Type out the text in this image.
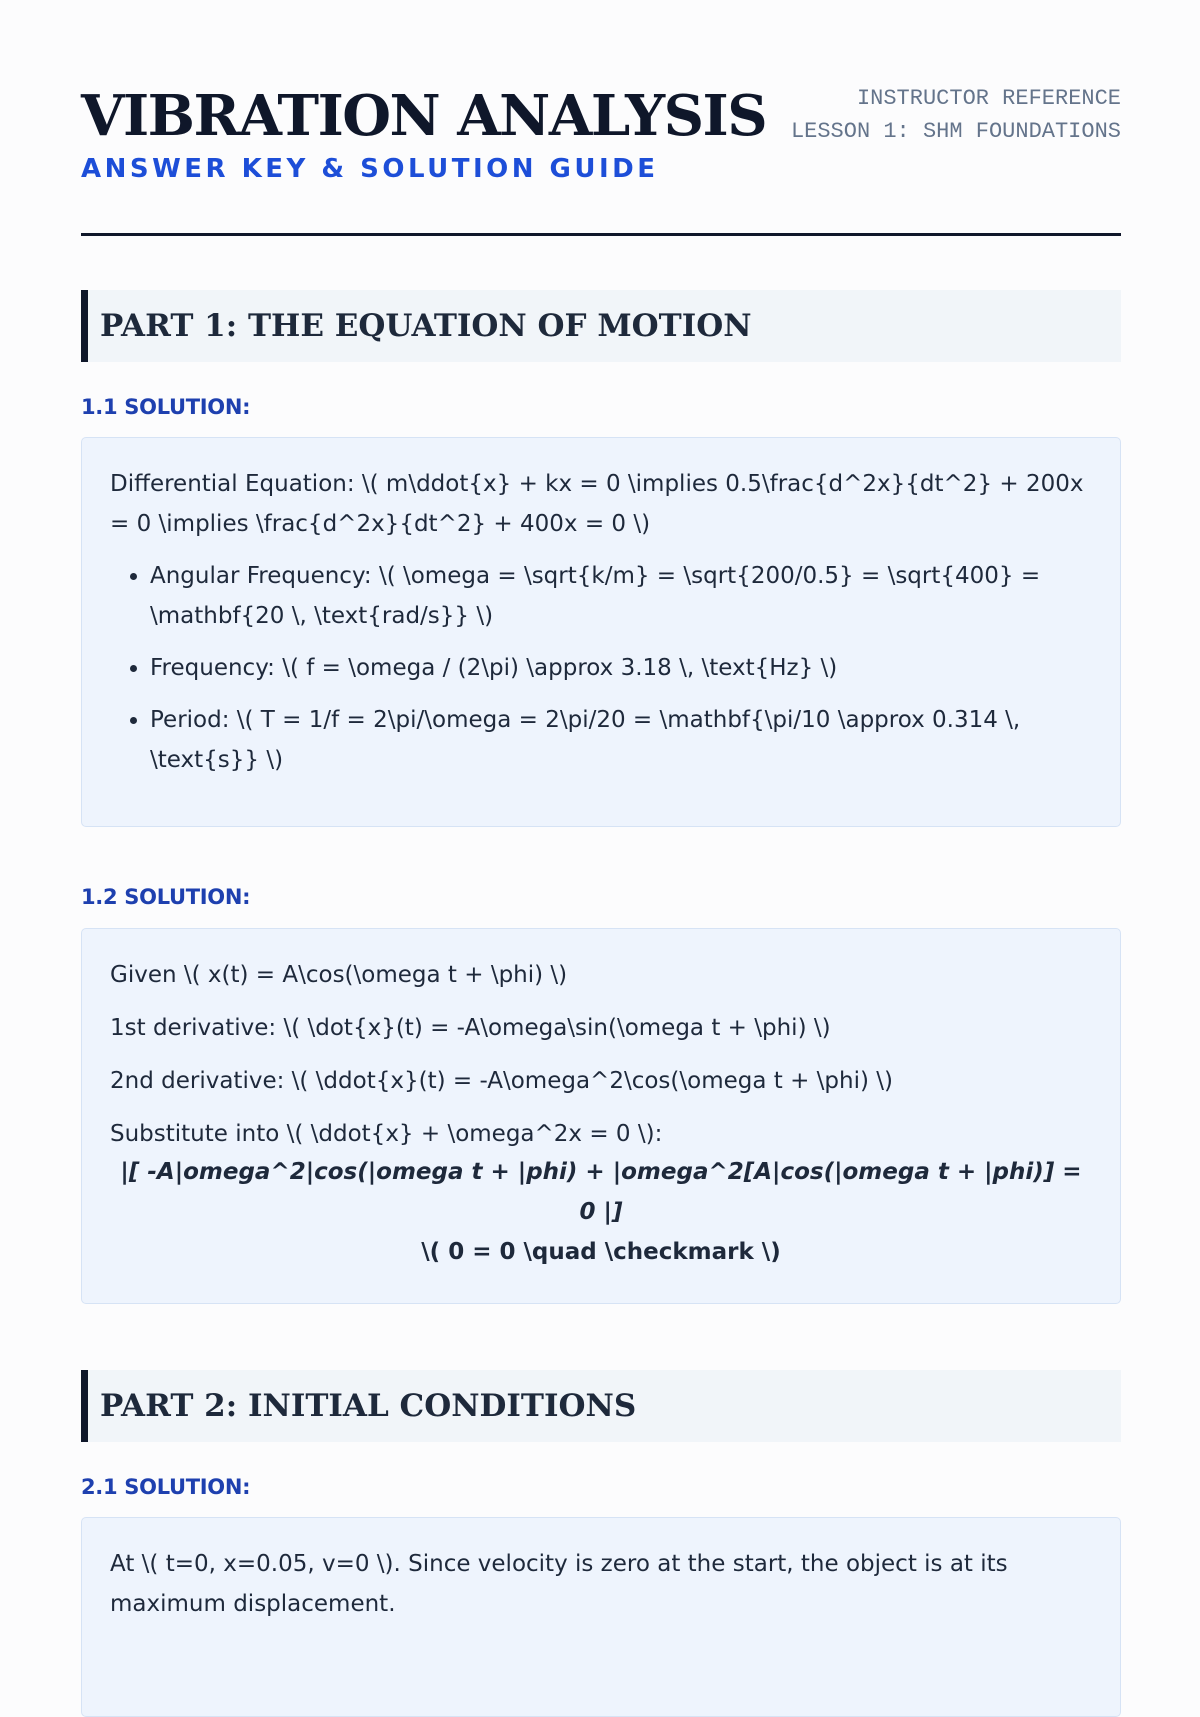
VIBRATION ANALYSIS
ANSWER KEY & SOLUTION GUIDE
INSTRUCTOR REFERENCE
LESSON 1: SHM FOUNDATIONS
PART 1: THE EQUATION OF MOTION
1.1 SOLUTION:

Differential Equation: \( m\ddot{x} + kx = 0 \implies 0.5\frac{d^2x}{dt^2} + 200x = 0 \implies \frac{d^2x}{dt^2} + 400x = 0 \)

• Angular Frequency: \( \omega = \sqrt{k/m} = \sqrt{200/0.5} = \sqrt{400} = \mathbf{20 \, \text{rad/s}} \)
• Frequency: \( f = \omega / (2\pi) \approx 3.18 \, \text{Hz} \)
• Period: \( T = 1/f = 2\pi/\omega = 2\pi/20 = \mathbf{\pi/10 \approx 0.314 \, \text{s}} \)
1.2 SOLUTION:

Given \( x(t) = A\cos(\omega t + \phi) \)

1st derivative: \( \dot{x}(t) = -A\omega\sin(\omega t + \phi) \)

2nd derivative: \( \ddot{x}(t) = -A\omega^2\cos(\omega t + \phi) \)

Substitute into \( \ddot{x} + \omega^2x = 0 \):

|[ -A|omega^2|cos(|omega t + |phi) + |omega^2[A|cos(|omega t + |phi)] = 0 |]
\( 0 = 0 \quad \checkmark \)
PART 2: INITIAL CONDITIONS
2.1 SOLUTION:

At \( t=0, x=0.05, v=0 \). Since velocity is zero at the start, the object is at its maximum displacement.
